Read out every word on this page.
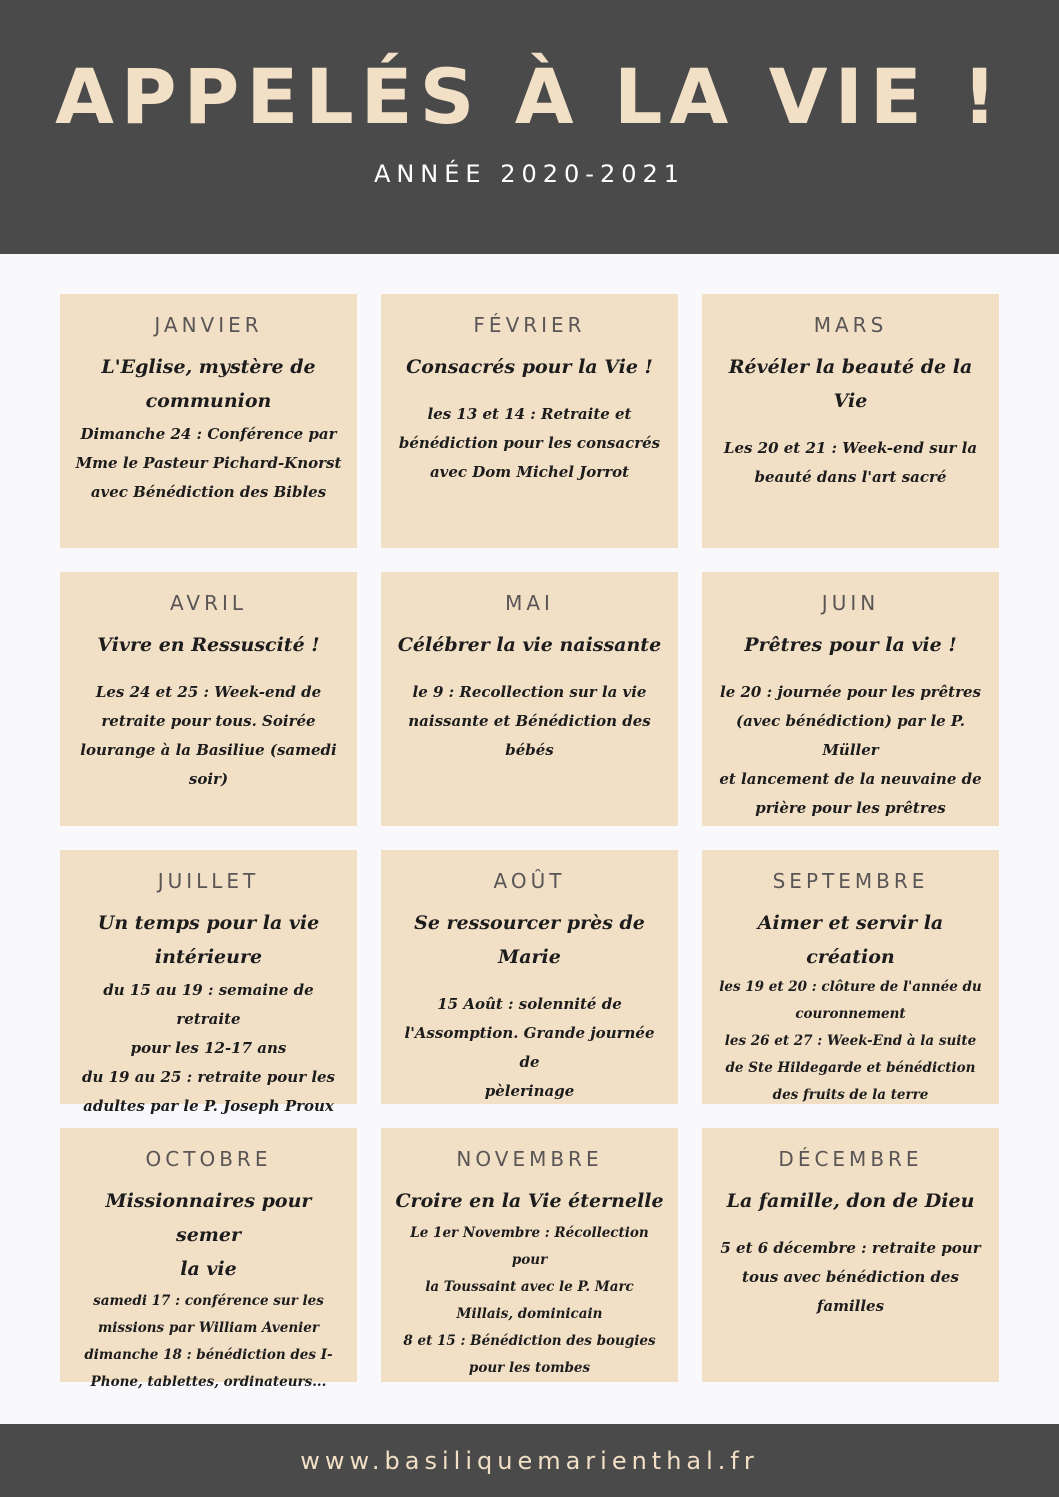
APPELÉS À LA VIE !
ANNÉE 2020-2021
JANVIER
L'Eglise, mystère de
communion
Dimanche 24 : Conférence par
Mme le Pasteur Pichard-Knorst
avec Bénédiction des Bibles
FÉVRIER
Consacrés pour la Vie !
les 13 et 14 : Retraite et
bénédiction pour les consacrés
avec Dom Michel Jorrot
MARS
Révéler la beauté de la Vie
Les 20 et 21 : Week-end sur la
beauté dans l'art sacré
AVRIL
Vivre en Ressuscité !
Les 24 et 25 : Week-end de
retraite pour tous. Soirée
lourange à la Basiliue (samedi
soir)
MAI
Célébrer la vie naissante
le 9 : Recollection sur la vie
naissante et Bénédiction des
bébés
JUIN
Prêtres pour la vie !
le 20 : journée pour les prêtres
(avec bénédiction) par le P. Müller
et lancement de la neuvaine de
prière pour les prêtres
JUILLET
Un temps pour la vie
intérieure
du 15 au 19 : semaine de retraite
pour les 12-17 ans
du 19 au 25 : retraite pour les
adultes par le P. Joseph Proux
AOÛT
Se ressourcer près de Marie
15 Août : solennité de
l'Assomption. Grande journée de
pèlerinage
SEPTEMBRE
Aimer et servir la création
les 19 et 20 : clôture de l'année du
couronnement
les 26 et 27 : Week-End à la suite
de Ste Hildegarde et bénédiction
des fruits de la terre
OCTOBRE
Missionnaires pour semer
la vie
samedi 17 : conférence sur les
missions par William Avenier
dimanche 18 : bénédiction des I-
Phone, tablettes, ordinateurs...
NOVEMBRE
Croire en la Vie éternelle
Le 1er Novembre : Récollection pour
la Toussaint avec le P. Marc
Millais, dominicain
8 et 15 : Bénédiction des bougies
pour les tombes
DÉCEMBRE
La famille, don de Dieu
5 et 6 décembre : retraite pour
tous avec bénédiction des
familles
www.basiliquemarienthal.fr
